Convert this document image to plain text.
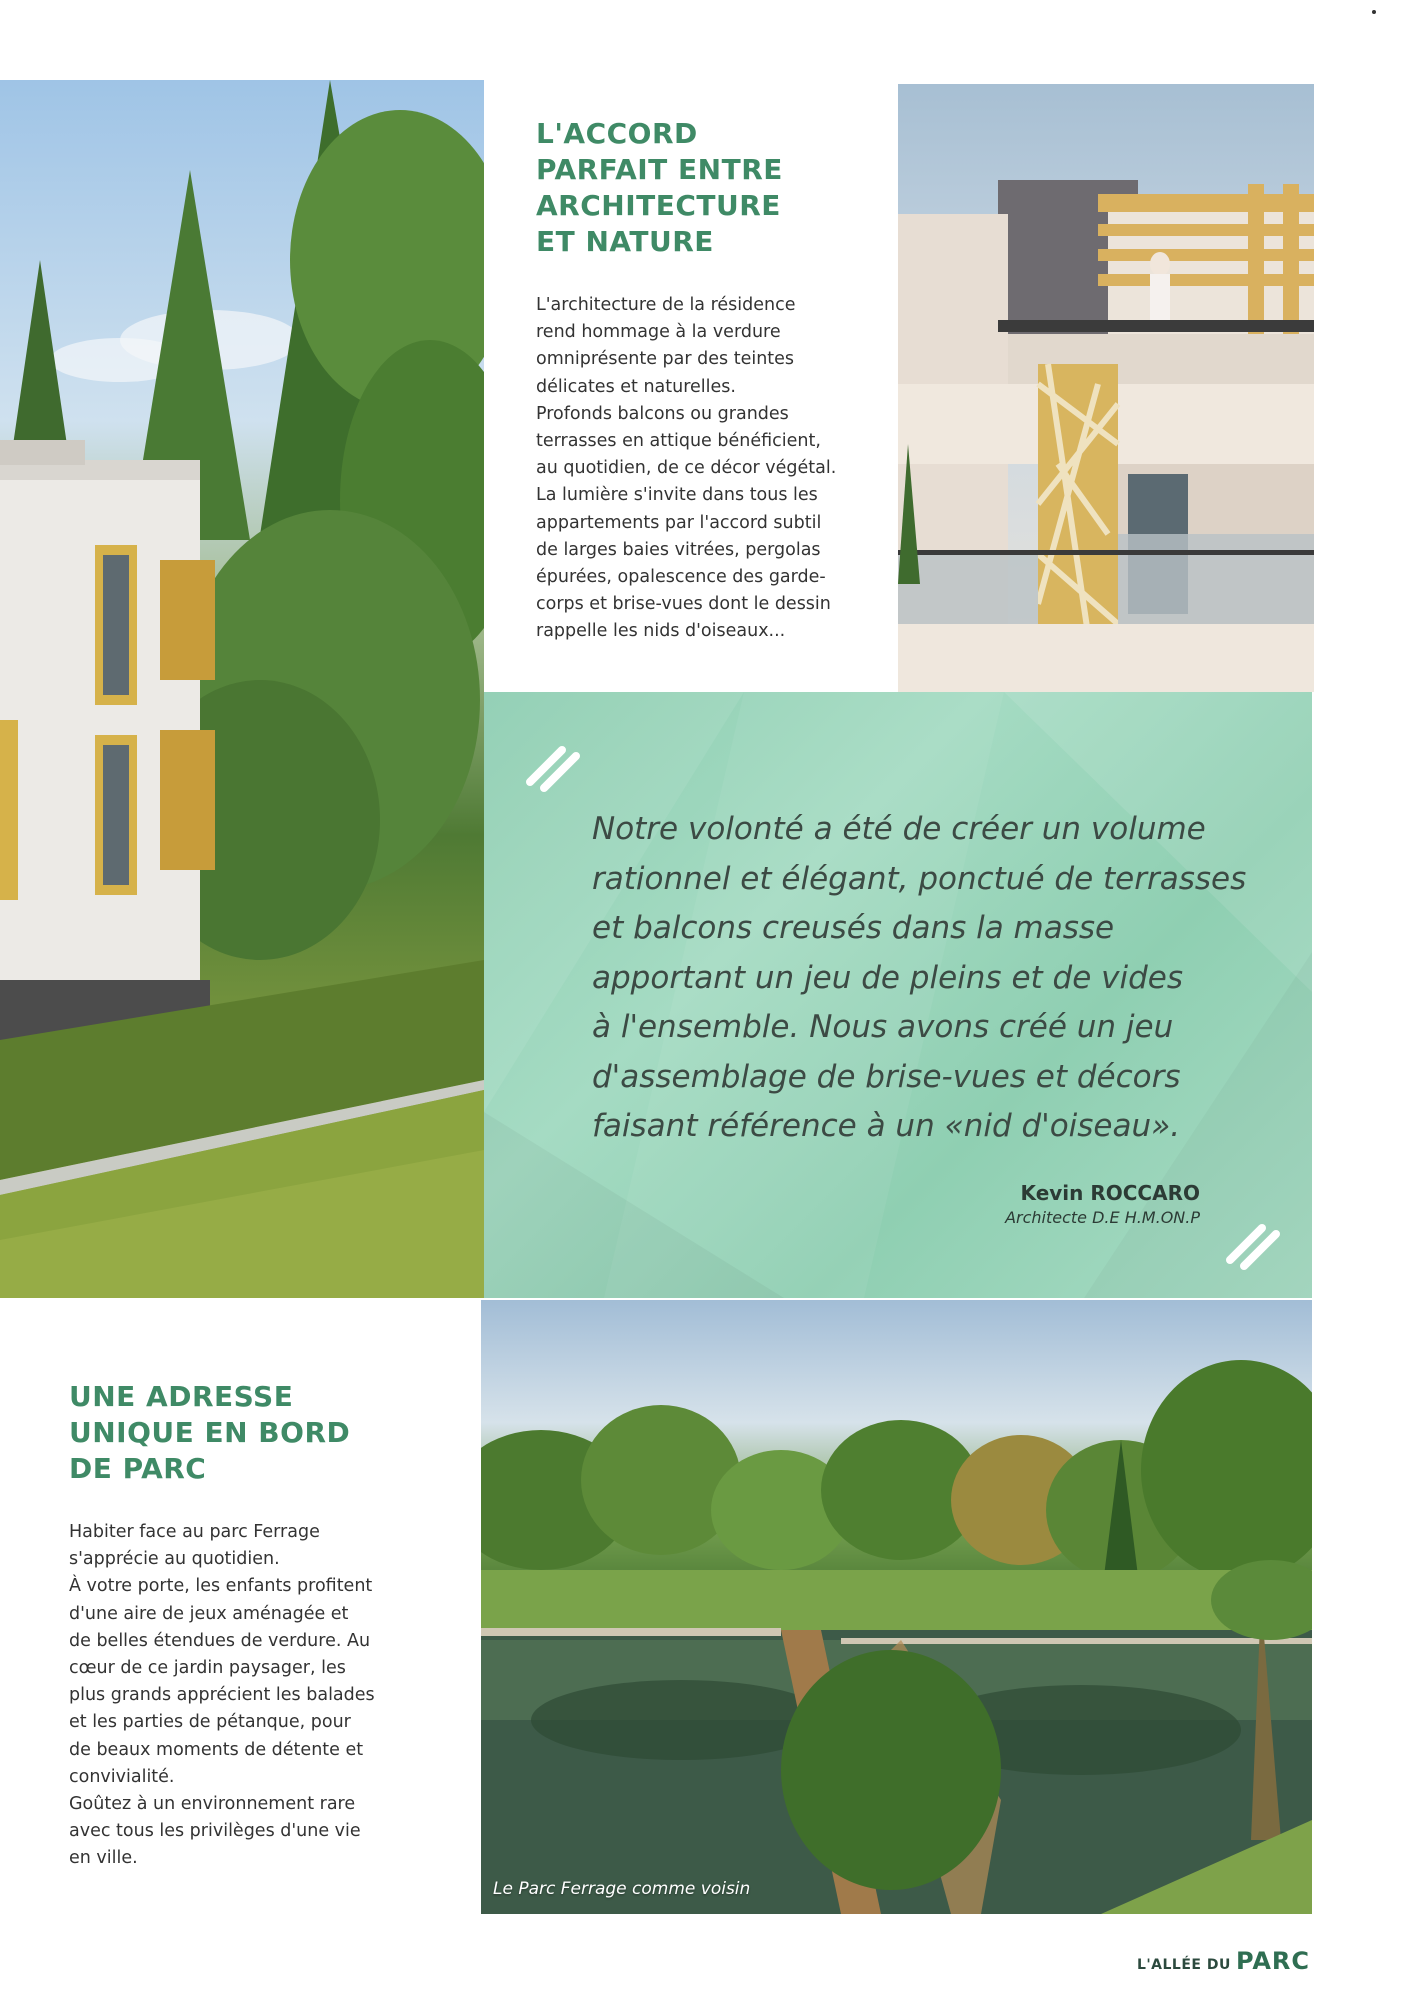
L'ACCORD
PARFAIT ENTRE
ARCHITECTURE
ET NATURE

L'architecture de la résidence
rend hommage à la verdure
omniprésente par des teintes
délicates et naturelles.
Profonds balcons ou grandes
terrasses en attique bénéficient,
au quotidien, de ce décor végétal.
La lumière s'invite dans tous les
appartements par l'accord subtil
de larges baies vitrées, pergolas
épurées, opalescence des garde-
corps et brise-vues dont le dessin
rappelle les nids d'oiseaux...

Notre volonté a été de créer un volume
rationnel et élégant, ponctué de terrasses
et balcons creusés dans la masse
apportant un jeu de pleins et de vides
à l'ensemble. Nous avons créé un jeu
d'assemblage de brise-vues et décors
faisant référence à un «nid d'oiseau».

Kevin ROCCARO
Architecte D.E H.M.ON.P
UNE ADRESSE
UNIQUE EN BORD
DE PARC

Habiter face au parc Ferrage
s'apprécie au quotidien.
À votre porte, les enfants profitent
d'une aire de jeux aménagée et
de belles étendues de verdure. Au
cœur de ce jardin paysager, les
plus grands apprécient les balades
et les parties de pétanque, pour
de beaux moments de détente et
convivialité.
Goûtez à un environnement rare
avec tous les privilèges d'une vie
en ville.

Le Parc Ferrage comme voisin
L'ALLÉE DU PARC
